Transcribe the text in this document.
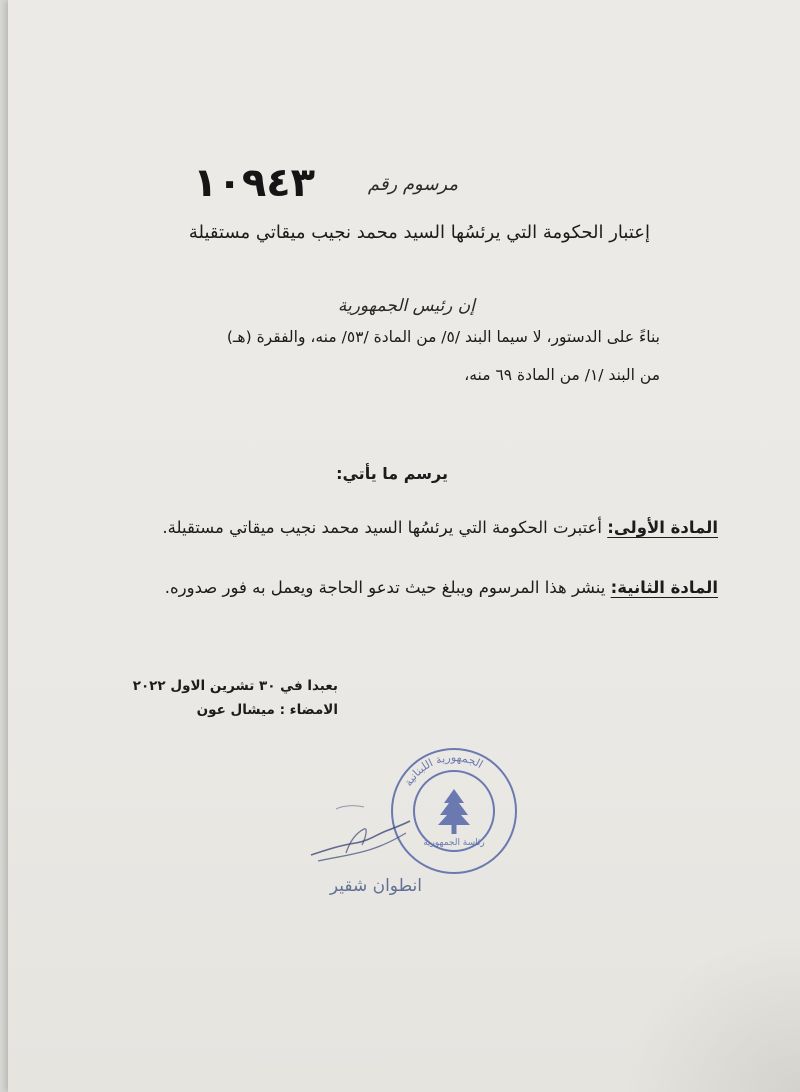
مرسوم رقم
١٠٩٤٣
إعتبار الحكومة التي يرئسُها السيد محمد نجيب ميقاتي مستقيلة
إن رئيس الجمهورية
بناءً على الدستور، لا سيما البند /٥/ من المادة /٥٣/ منه، والفقرة (هـ)
من البند /١/ من المادة ٦٩ منه،
يرسم ما يأتي:
المادة الأولى: أعتبرت الحكومة التي يرئسُها السيد محمد نجيب ميقاتي مستقيلة.
المادة الثانية: ينشر هذا المرسوم ويبلغ حيث تدعو الحاجة ويعمل به فور صدوره.
بعبدا في ٣٠ تشرين الاول ٢٠٢٢
الامضاء : ميشال عون
الجمهورية اللبنانية
رئاسة الجمهورية
انطوان شقير
